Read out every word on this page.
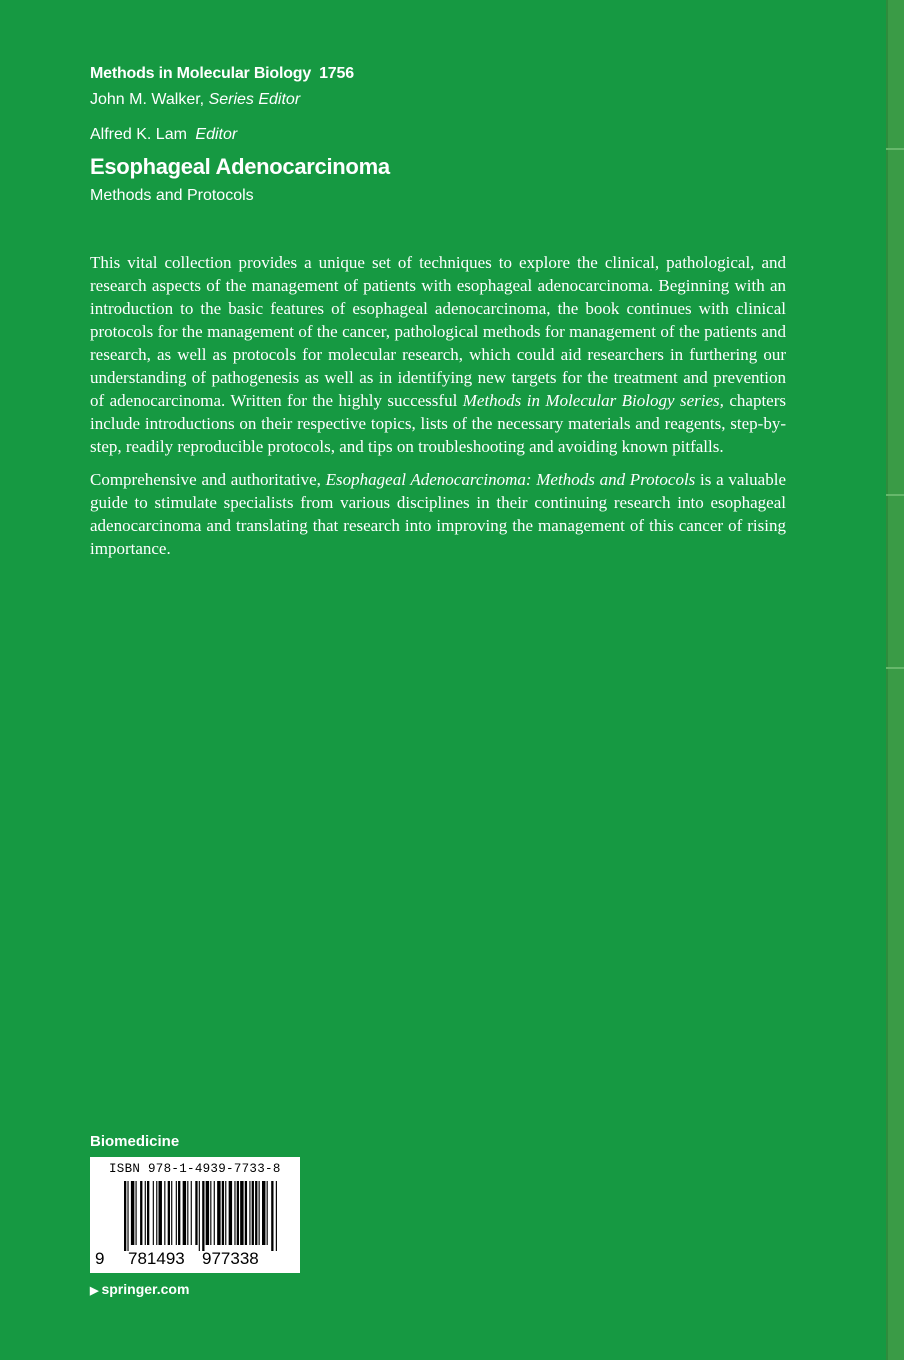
Methods in Molecular Biology 1756
John M. Walker, Series Editor
Alfred K. Lam Editor
Esophageal Adenocarcinoma
Methods and Protocols

This vital collection provides a unique set of techniques to explore the clinical, pathological, and research aspects of the management of patients with esophageal adenocarcinoma. Beginning with an introduction to the basic features of esophageal adenocarcinoma, the book continues with clinical protocols for the management of the cancer, pathological methods for management of the patients and research, as well as protocols for molecular research, which could aid researchers in furthering our understanding of pathogenesis as well as in identifying new targets for the treatment and prevention of adenocarcinoma. Written for the highly successful Methods in Molecular Biology series, chapters include introductions on their respective topics, lists of the necessary materials and reagents, step-by-step, readily reproducible protocols, and tips on troubleshooting and avoiding known pitfalls.

Comprehensive and authoritative, Esophageal Adenocarcinoma: Methods and Protocols is a valuable guide to stimulate specialists from various disciplines in their continuing research into esophageal adenocarcinoma and translating that research into improving the management of this cancer of rising importance.

Biomedicine
ISBN 978-1-4939-7733-8
9 781493 977338
▶ springer.com
